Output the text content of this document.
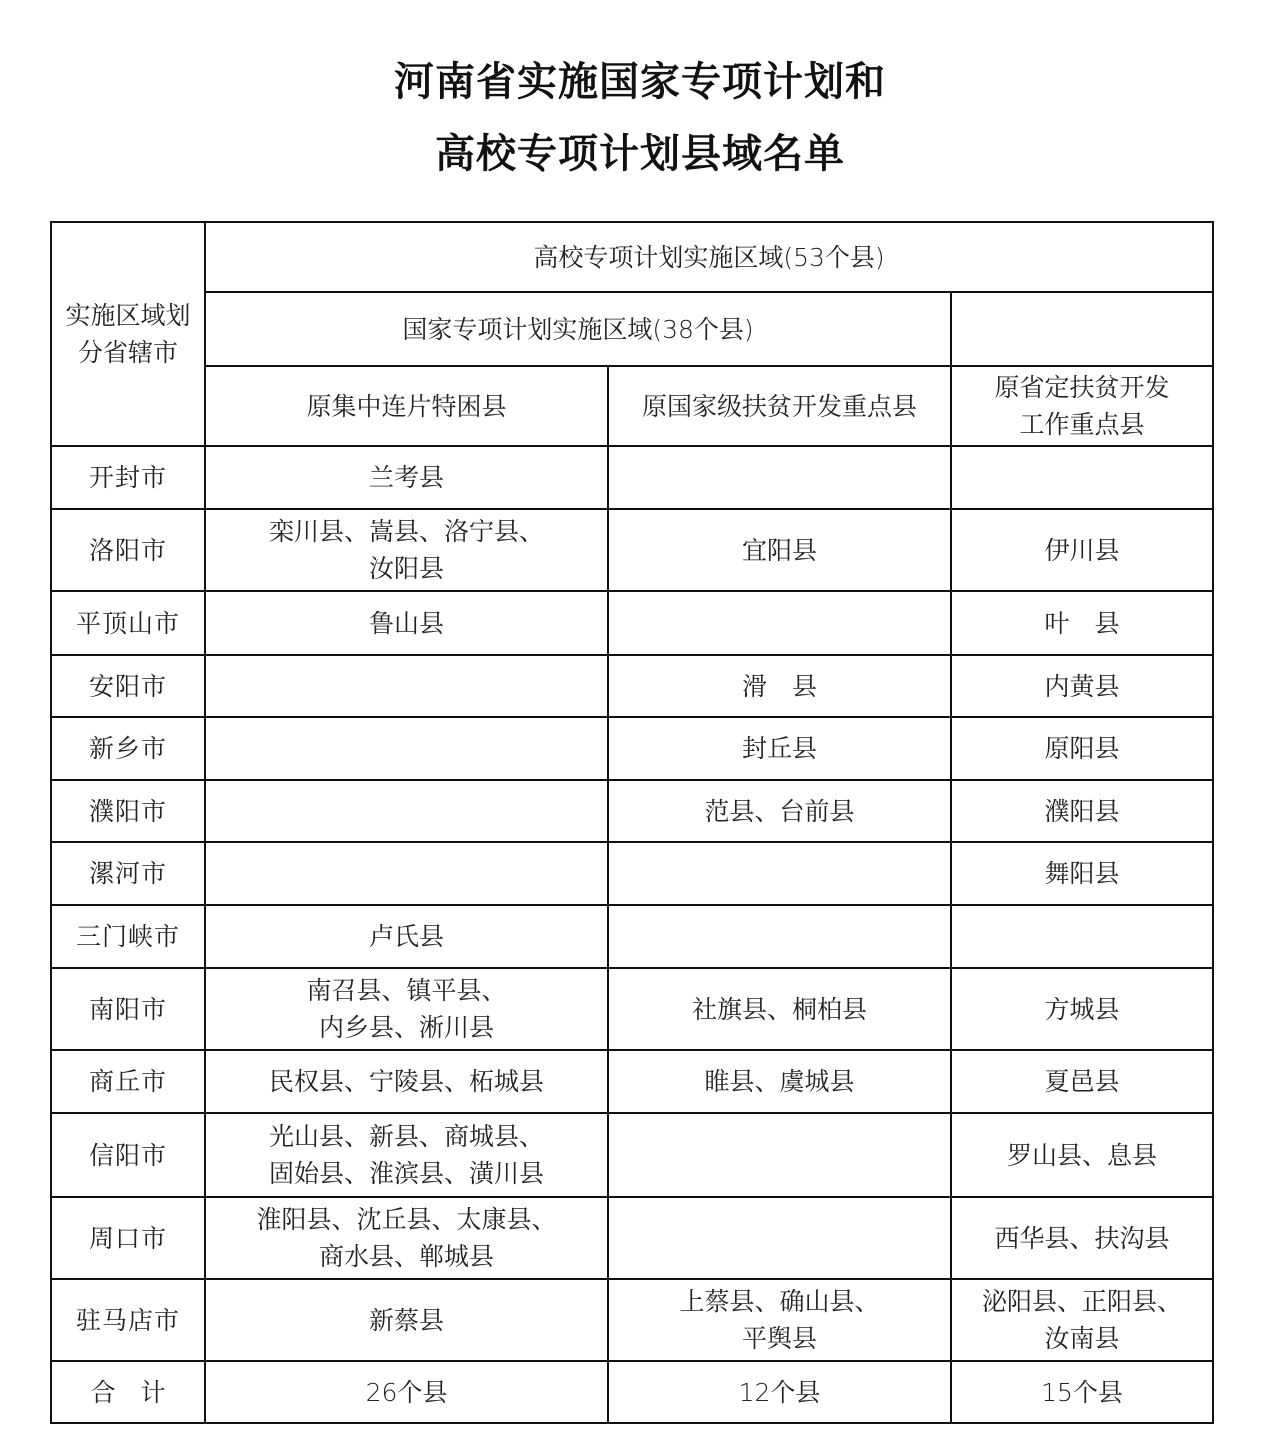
河南省实施国家专项计划和
高校专项计划县域名单
实施区域划
分省辖市	高校专项计划实施区域(53个县)		
	国家专项计划实施区域(38个县)		

	原集中连片特困县	原国家级扶贫开发重点县	原省定扶贫开发
工作重点县

开封市	兰考县		

洛阳市	栾川县、嵩县、洛宁县、
汝阳县	宜阳县	伊川县

平顶山市	鲁山县		叶　县

安阳市		滑　县	内黄县

新乡市		封丘县	原阳县

濮阳市		范县、台前县	濮阳县

漯河市			舞阳县

三门峡市	卢氏县		

南阳市	南召县、镇平县、
内乡县、淅川县	社旗县、桐柏县	方城县

商丘市	民权县、宁陵县、柘城县	睢县、虞城县	夏邑县

信阳市	光山县、新县、商城县、
固始县、淮滨县、潢川县		罗山县、息县

周口市	淮阳县、沈丘县、太康县、
商水县、郸城县		西华县、扶沟县

驻马店市	新蔡县	上蔡县、确山县、
平舆县	泌阳县、正阳县、
汝南县

合　计	26个县	12个县	15个县
